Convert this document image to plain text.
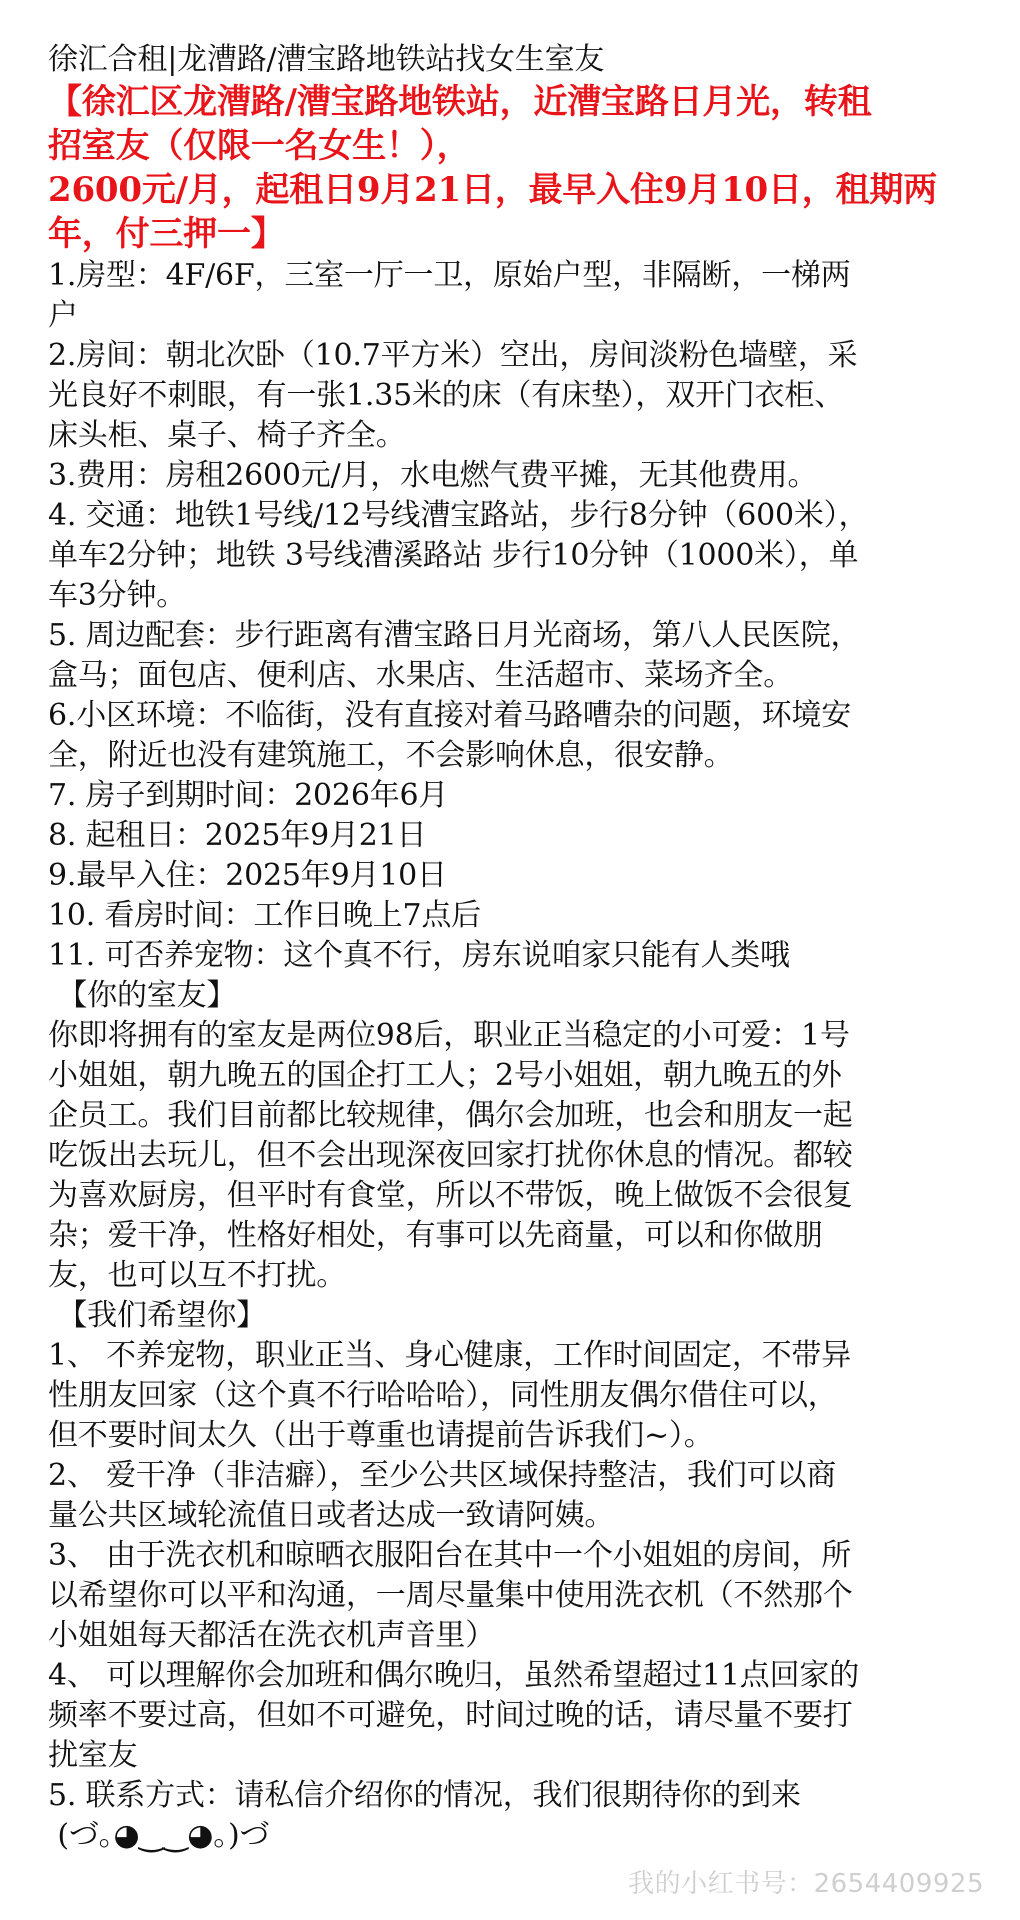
徐汇合租|龙漕路/漕宝路地铁站找女生室友
【徐汇区龙漕路/漕宝路地铁站，近漕宝路日月光，转租
招室友（仅限一名女生！），
2600元/月，起租日9月21日，最早入住9月10日，租期两
年，付三押一】
1.房型：4F/6F，三室一厅一卫，原始户型，非隔断，一梯两
户
2.房间：朝北次卧（10.7平方米）空出，房间淡粉色墙壁，采
光良好不刺眼，有一张1.35米的床（有床垫），双开门衣柜、
床头柜、桌子、椅子齐全。
3.费用：房租2600元/月，水电燃气费平摊，无其他费用。
4. 交通：地铁1号线/12号线漕宝路站，步行8分钟（600米），
单车2分钟；地铁 3号线漕溪路站 步行10分钟（1000米），单
车3分钟。
5. 周边配套：步行距离有漕宝路日月光商场，第八人民医院，
盒马；面包店、便利店、水果店、生活超市、菜场齐全。
6.小区环境：不临街，没有直接对着马路嘈杂的问题，环境安
全，附近也没有建筑施工，不会影响休息，很安静。
7. 房子到期时间：2026年6月
8. 起租日：2025年9月21日
9.最早入住：2025年9月10日
10. 看房时间：工作日晚上7点后
11. 可否养宠物：这个真不行，房东说咱家只能有人类哦
【你的室友】
你即将拥有的室友是两位98后，职业正当稳定的小可爱：1号
小姐姐，朝九晚五的国企打工人；2号小姐姐，朝九晚五的外
企员工。我们目前都比较规律，偶尔会加班，也会和朋友一起
吃饭出去玩儿，但不会出现深夜回家打扰你休息的情况。都较
为喜欢厨房，但平时有食堂，所以不带饭，晚上做饭不会很复
杂；爱干净，性格好相处，有事可以先商量，可以和你做朋
友，也可以互不打扰。
【我们希望你】
1、 不养宠物，职业正当、身心健康，工作时间固定，不带异
性朋友回家（这个真不行哈哈哈），同性朋友偶尔借住可以，
但不要时间太久（出于尊重也请提前告诉我们~）。
2、 爱干净（非洁癖），至少公共区域保持整洁，我们可以商
量公共区域轮流值日或者达成一致请阿姨。
3、 由于洗衣机和晾晒衣服阳台在其中一个小姐姐的房间，所
以希望你可以平和沟通，一周尽量集中使用洗衣机（不然那个
小姐姐每天都活在洗衣机声音里）
4、 可以理解你会加班和偶尔晚归，虽然希望超过11点回家的
频率不要过高，但如不可避免，时间过晚的话，请尽量不要打
扰室友
5. 联系方式：请私信介绍你的情况，我们很期待你的到来
(づ｡◕‿‿◕｡)づ
我的小红书号：2654409925
